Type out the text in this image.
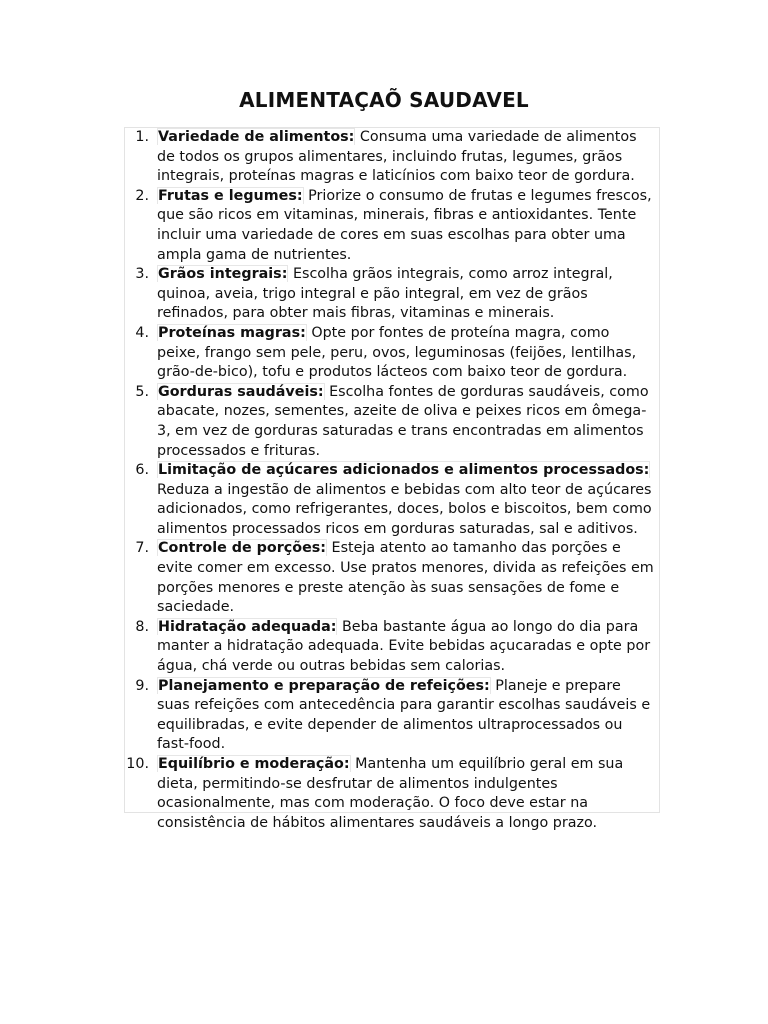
ALIMENTAÇAÕ SAUDAVEL
1. Variedade de alimentos: Consuma uma variedade de alimentos de todos os grupos alimentares, incluindo frutas, legumes, grãos integrais, proteínas magras e laticínios com baixo teor de gordura.
2. Frutas e legumes: Priorize o consumo de frutas e legumes frescos, que são ricos em vitaminas, minerais, fibras e antioxidantes. Tente incluir uma variedade de cores em suas escolhas para obter uma ampla gama de nutrientes.
3. Grãos integrais: Escolha grãos integrais, como arroz integral, quinoa, aveia, trigo integral e pão integral, em vez de grãos refinados, para obter mais fibras, vitaminas e minerais.
4. Proteínas magras: Opte por fontes de proteína magra, como peixe, frango sem pele, peru, ovos, leguminosas (feijões, lentilhas, grão-de-bico), tofu e produtos lácteos com baixo teor de gordura.
5. Gorduras saudáveis: Escolha fontes de gorduras saudáveis, como abacate, nozes, sementes, azeite de oliva e peixes ricos em ômega-3, em vez de gorduras saturadas e trans encontradas em alimentos processados e frituras.
6. Limitação de açúcares adicionados e alimentos processados: Reduza a ingestão de alimentos e bebidas com alto teor de açúcares adicionados, como refrigerantes, doces, bolos e biscoitos, bem como alimentos processados ricos em gorduras saturadas, sal e aditivos.
7. Controle de porções: Esteja atento ao tamanho das porções e evite comer em excesso. Use pratos menores, divida as refeições em porções menores e preste atenção às suas sensações de fome e saciedade.
8. Hidratação adequada: Beba bastante água ao longo do dia para manter a hidratação adequada. Evite bebidas açucaradas e opte por água, chá verde ou outras bebidas sem calorias.
9. Planejamento e preparação de refeições: Planeje e prepare suas refeições com antecedência para garantir escolhas saudáveis e equilibradas, e evite depender de alimentos ultraprocessados ou fast-food.
10. Equilíbrio e moderação: Mantenha um equilíbrio geral em sua dieta, permitindo-se desfrutar de alimentos indulgentes ocasionalmente, mas com moderação. O foco deve estar na consistência de hábitos alimentares saudáveis a longo prazo.
